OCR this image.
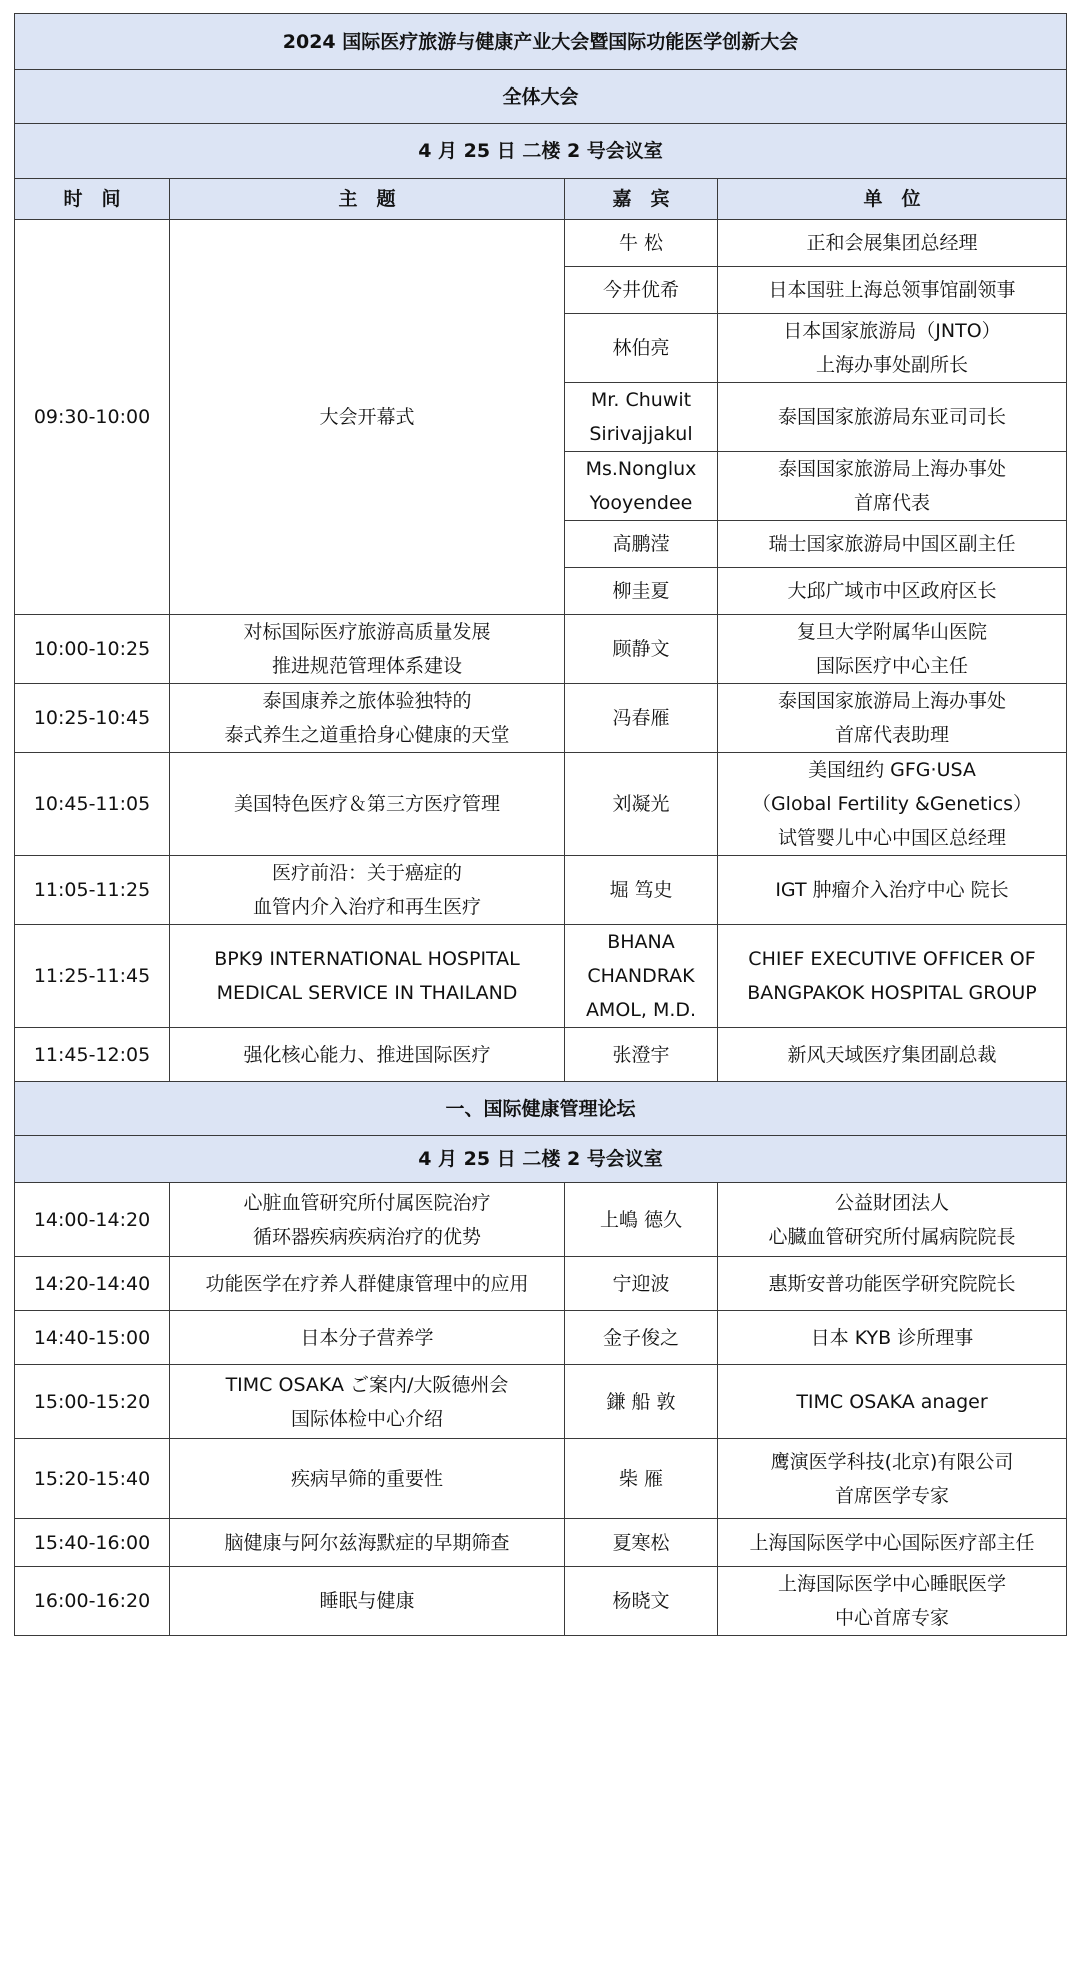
2024 国际医疗旅游与健康产业大会暨国际功能医学创新大会			
全体大会			
4 月 25 日 二楼 2 号会议室			
时　间	主　题	嘉　宾	单　位
09:30-10:00	大会开幕式	牛 松	正和会展集团总经理

		今井优希	日本国驻上海总领事馆副领事

		林伯亮	日本国家旅游局（JNTO）
上海办事处副所长

		Mr. Chuwit
Sirivajjakul	泰国国家旅游局东亚司司长

		Ms.Nonglux
Yooyendee	泰国国家旅游局上海办事处
首席代表

		高鹏滢	瑞士国家旅游局中国区副主任

		柳圭夏	大邱广域市中区政府区长

10:00-10:25	对标国际医疗旅游高质量发展
推进规范管理体系建设	顾静文	复旦大学附属华山医院
国际医疗中心主任

10:25-10:45	泰国康养之旅体验独特的
泰式养生之道重拾身心健康的天堂	冯春雁	泰国国家旅游局上海办事处
首席代表助理

10:45-11:05	美国特色医疗＆第三方医疗管理	刘凝光	美国纽约 GFG·USA
（Global Fertility &Genetics）
试管婴儿中心中国区总经理

11:05-11:25	医疗前沿：关于癌症的
血管内介入治疗和再生医疗	堀 笃史	IGT 肿瘤介入治疗中心 院长

11:25-11:45	BPK9 INTERNATIONAL HOSPITAL
MEDICAL SERVICE IN THAILAND	BHANA
CHANDRAK
AMOL, M.D.	CHIEF EXECUTIVE OFFICER OF
BANGPAKOK HOSPITAL GROUP

11:45-12:05	强化核心能力、推进国际医疗	张澄宇	新风天域医疗集团副总裁

一、国际健康管理论坛			
4 月 25 日 二楼 2 号会议室			
14:00-14:20	心脏血管研究所付属医院治疗
循环器疾病疾病治疗的优势	上嶋 德久	公益財团法人
心臓血管研究所付属病院院長

14:20-14:40	功能医学在疗养人群健康管理中的应用	宁迎波	惠斯安普功能医学研究院院长

14:40-15:00	日本分子营养学	金子俊之	日本 KYB 诊所理事

15:00-15:20	TIMC OSAKA ご案内/大阪德州会
国际体检中心介绍	鎌 船 敦	TIMC OSAKA anager

15:20-15:40	疾病早筛的重要性	柴 雁	鹰演医学科技(北京)有限公司
首席医学专家

15:40-16:00	脑健康与阿尔兹海默症的早期筛查	夏寒松	上海国际医学中心国际医疗部主任

16:00-16:20	睡眠与健康	杨晓文	上海国际医学中心睡眠医学
中心首席专家
